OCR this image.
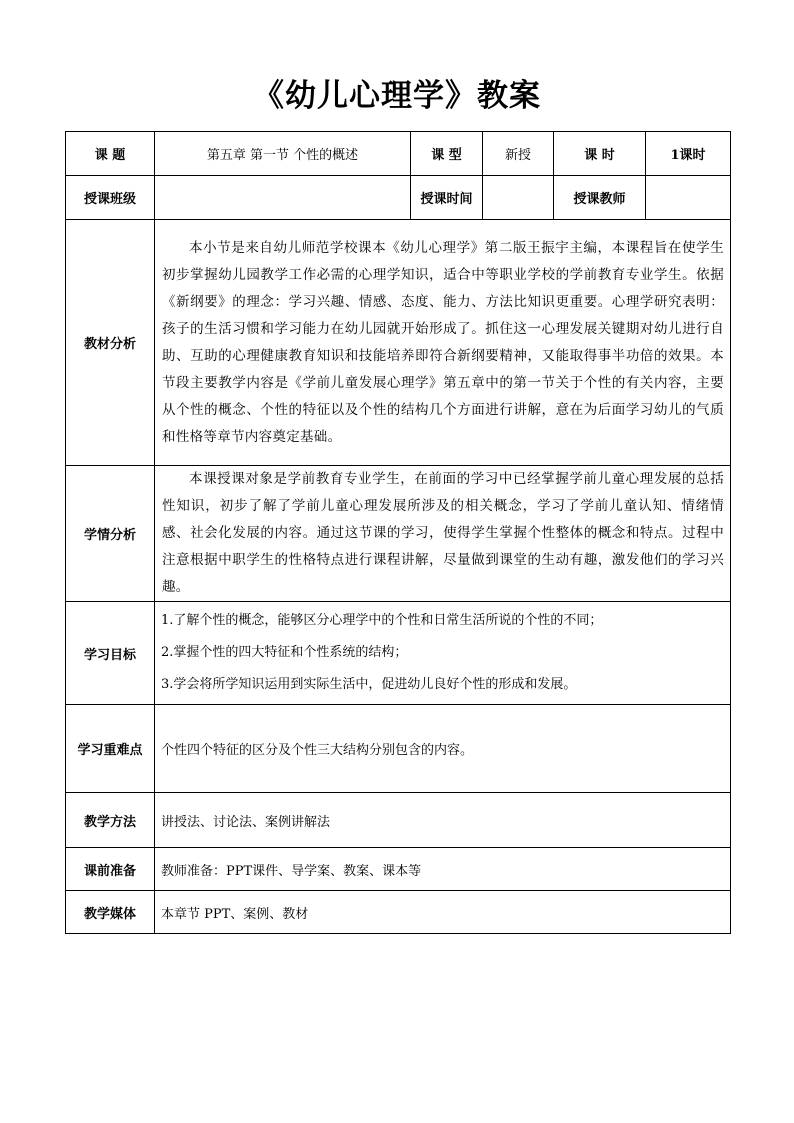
《幼儿心理学》教案
课 题	第五章 第一节 个性的概述	课 型	新授	课 时	1课时
授课班级		授课时间		授课教师	
教材分析	本小节是来自幼儿师范学校课本《幼儿心理学》第二版王振宇主编，本课程旨在使学生初步掌握幼儿园教学工作必需的心理学知识，适合中等职业学校的学前教育专业学生。依据《新纲要》的理念：学习兴趣、情感、态度、能力、方法比知识更重要。心理学研究表明：孩子的生活习惯和学习能力在幼儿园就开始形成了。抓住这一心理发展关键期对幼儿进行自助、互助的心理健康教育知识和技能培养即符合新纲要精神，又能取得事半功倍的效果。本节段主要教学内容是《学前儿童发展心理学》第五章中的第一节关于个性的有关内容，主要从个性的概念、个性的特征以及个性的结构几个方面进行讲解，意在为后面学习幼儿的气质和性格等章节内容奠定基础。				

学情分析	本课授课对象是学前教育专业学生，在前面的学习中已经掌握学前儿童心理发展的总括性知识，初步了解了学前儿童心理发展所涉及的相关概念，学习了学前儿童认知、情绪情感、社会化发展的内容。通过这节课的学习，使得学生掌握个性整体的概念和特点。过程中注意根据中职学生的性格特点进行课程讲解，尽量做到课堂的生动有趣，激发他们的学习兴趣。				

学习目标	1.了解个性的概念，能够区分心理学中的个性和日常生活所说的个性的不同；
2.掌握个性的四大特征和个性系统的结构；
3.学会将所学知识运用到实际生活中，促进幼儿良好个性的形成和发展。				

学习重难点	个性四个特征的区分及个性三大结构分别包含的内容。				

教学方法	讲授法、讨论法、案例讲解法				

课前准备	教师准备：PPT课件、导学案、教案、课本等				

教学媒体	本章节 PPT、案例、教材				
